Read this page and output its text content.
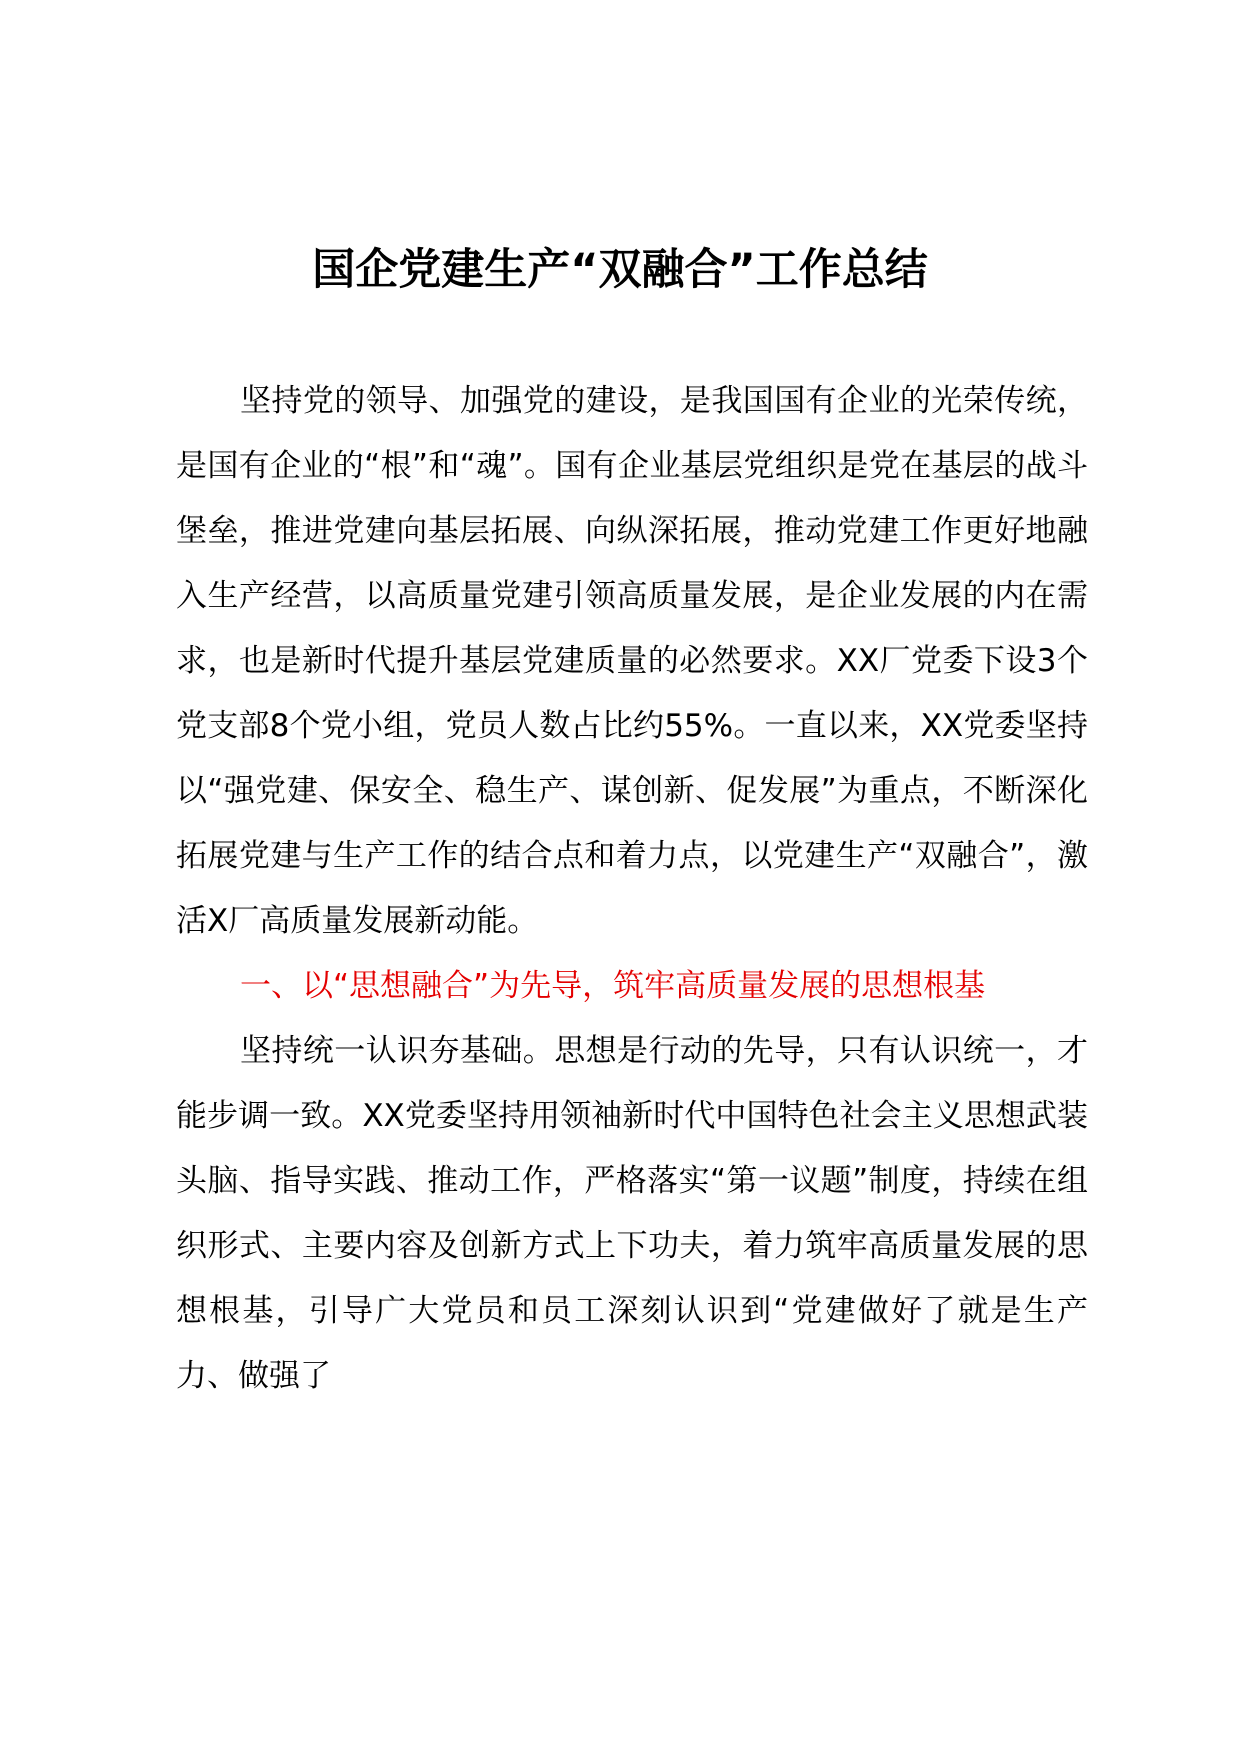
国企党建生产“双融合”工作总结

坚持党的领导、加强党的建设，是我国国有企业的光荣传统，是国有企业的“根”和“魂”。国有企业基层党组织是党在基层的战斗堡垒，推进党建向基层拓展、向纵深拓展，推动党建工作更好地融入生产经营，以高质量党建引领高质量发展，是企业发展的内在需求，也是新时代提升基层党建质量的必然要求。XX厂党委下设3个党支部8个党小组，党员人数占比约55%。一直以来，XX党委坚持以“强党建、保安全、稳生产、谋创新、促发展”为重点，不断深化拓展党建与生产工作的结合点和着力点，以党建生产“双融合”，激活X厂高质量发展新动能。

一、以“思想融合”为先导，筑牢高质量发展的思想根基

坚持统一认识夯基础。思想是行动的先导，只有认识统一，才能步调一致。XX党委坚持用领袖新时代中国特色社会主义思想武装头脑、指导实践、推动工作，严格落实“第一议题”制度，持续在组织形式、主要内容及创新方式上下功夫，着力筑牢高质量发展的思想根基，引导广大党员和员工深刻认识到“党建做好了就是生产力、做强了
